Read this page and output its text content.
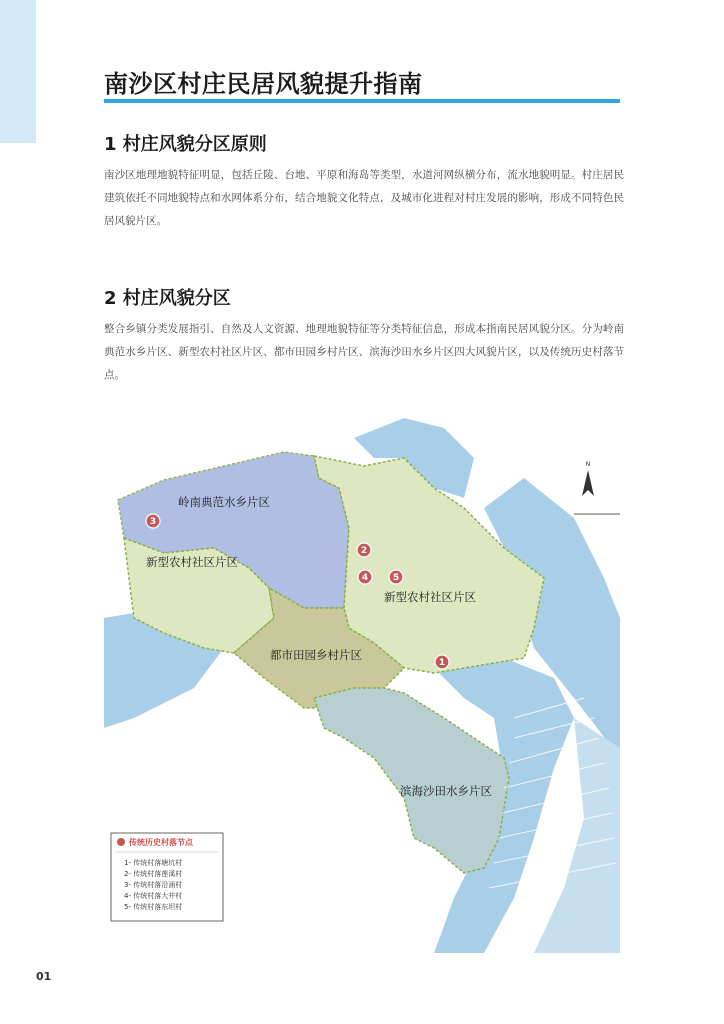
南沙区村庄民居风貌提升指南
1 村庄风貌分区原则

南沙区地理地貌特征明显，包括丘陵、台地、平原和海岛等类型，水道河网纵横分布，流水地貌明显。村庄居民建筑依托不同地貌特点和水网体系分布，结合地貌文化特点，及城市化进程对村庄发展的影响，形成不同特色民居风貌片区。

2 村庄风貌分区

整合乡镇分类发展指引、自然及人文资源、地理地貌特征等分类特征信息，形成本指南民居风貌分区。分为岭南典范水乡片区、新型农村社区片区、都市田园乡村片区、滨海沙田水乡片区四大风貌片区，以及传统历史村落节点。

N
岭南典范水乡片区
新型农村社区片区
新型农村社区片区
都市田园乡村片区
滨海沙田水乡片区
3
2
4	5
1
传统历史村落节点
1- 传统村落塘坑村
2- 传统村落莲溪村
3- 传统村落沿涌村
4- 传统村落大井村
5- 传统村落东坦村
01
